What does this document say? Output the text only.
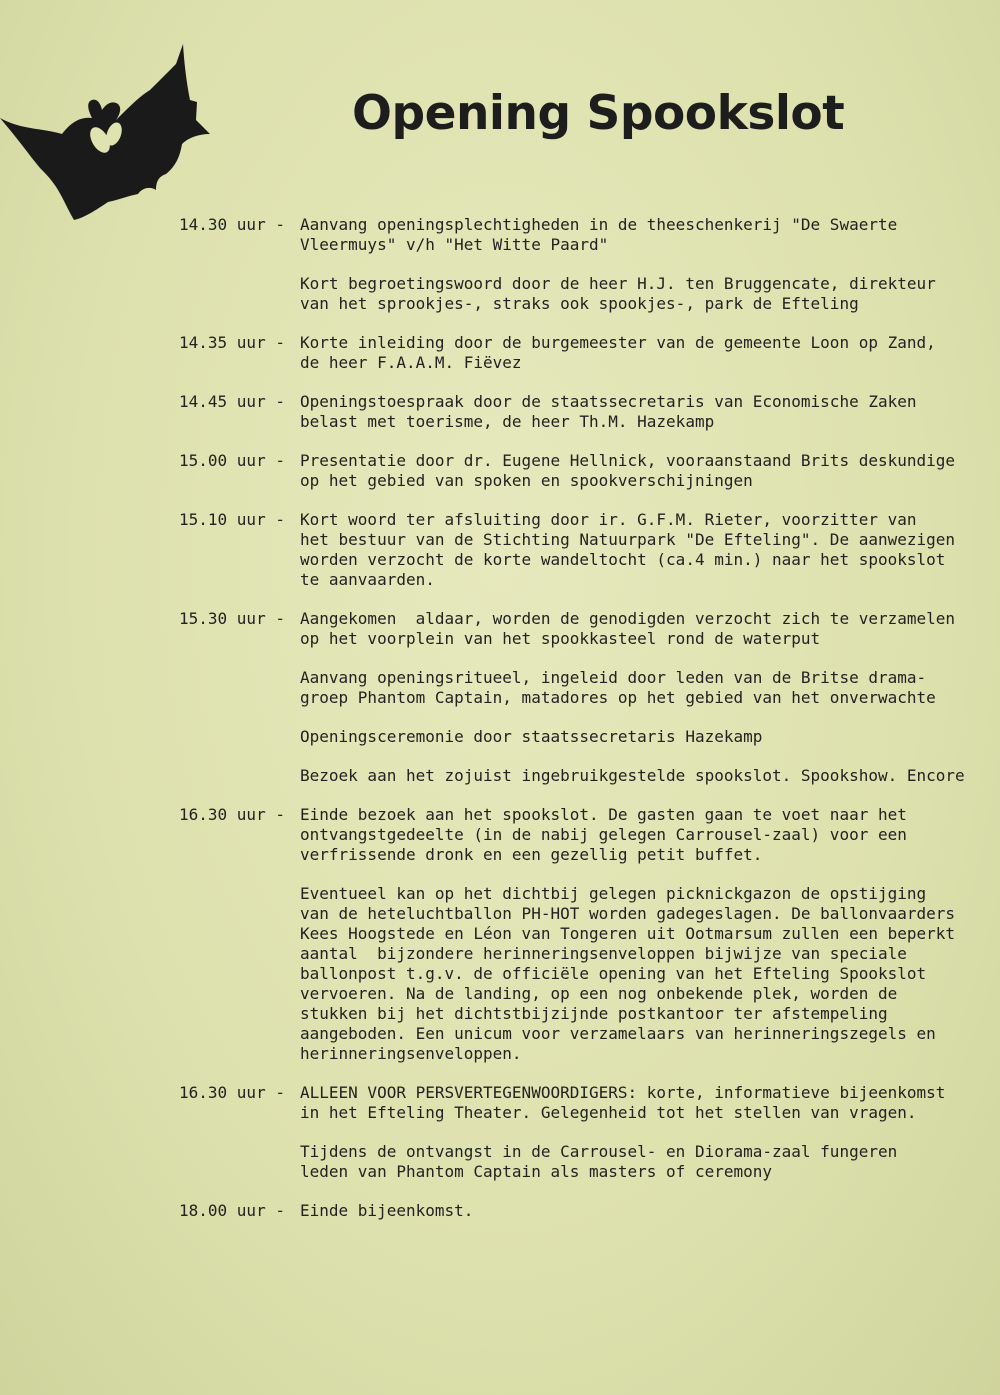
Opening Spookslot
14.30 uur - Aanvang openingsplechtigheden in de theeschenkerij "De Swaerte
Vleermuys" v/h "Het Witte Paard"

Kort begroetingswoord door de heer H.J. ten Bruggencate, direkteur
van het sprookjes-, straks ook spookjes-, park de Efteling

14.35 uur - Korte inleiding door de burgemeester van de gemeente Loon op Zand,
de heer F.A.A.M. Fiëvez

14.45 uur - Openingstoespraak door de staatssecretaris van Economische Zaken
belast met toerisme, de heer Th.M. Hazekamp

15.00 uur - Presentatie door dr. Eugene Hellnick, vooraanstaand Brits deskundige
op het gebied van spoken en spookverschijningen

15.10 uur - Kort woord ter afsluiting door ir. G.F.M. Rieter, voorzitter van
het bestuur van de Stichting Natuurpark "De Efteling". De aanwezigen
worden verzocht de korte wandeltocht (ca.4 min.) naar het spookslot
te aanvaarden.

15.30 uur - Aangekomen  aldaar, worden de genodigden verzocht zich te verzamelen
op het voorplein van het spookkasteel rond de waterput

Aanvang openingsritueel, ingeleid door leden van de Britse drama-
groep Phantom Captain, matadores op het gebied van het onverwachte

Openingsceremonie door staatssecretaris Hazekamp

Bezoek aan het zojuist ingebruikgestelde spookslot. Spookshow. Encore

16.30 uur - Einde bezoek aan het spookslot. De gasten gaan te voet naar het
ontvangstgedeelte (in de nabij gelegen Carrousel-zaal) voor een
verfrissende dronk en een gezellig petit buffet.

Eventueel kan op het dichtbij gelegen picknickgazon de opstijging
van de heteluchtballon PH-HOT worden gadegeslagen. De ballonvaarders
Kees Hoogstede en Léon van Tongeren uit Ootmarsum zullen een beperkt
aantal  bijzondere herinneringsenveloppen bijwijze van speciale
ballonpost t.g.v. de officiële opening van het Efteling Spookslot
vervoeren. Na de landing, op een nog onbekende plek, worden de
stukken bij het dichtstbijzijnde postkantoor ter afstempeling
aangeboden. Een unicum voor verzamelaars van herinneringszegels en
herinneringsenveloppen.

16.30 uur - ALLEEN VOOR PERSVERTEGENWOORDIGERS: korte, informatieve bijeenkomst
in het Efteling Theater. Gelegenheid tot het stellen van vragen.

Tijdens de ontvangst in de Carrousel- en Diorama-zaal fungeren
leden van Phantom Captain als masters of ceremony

18.00 uur - Einde bijeenkomst.
